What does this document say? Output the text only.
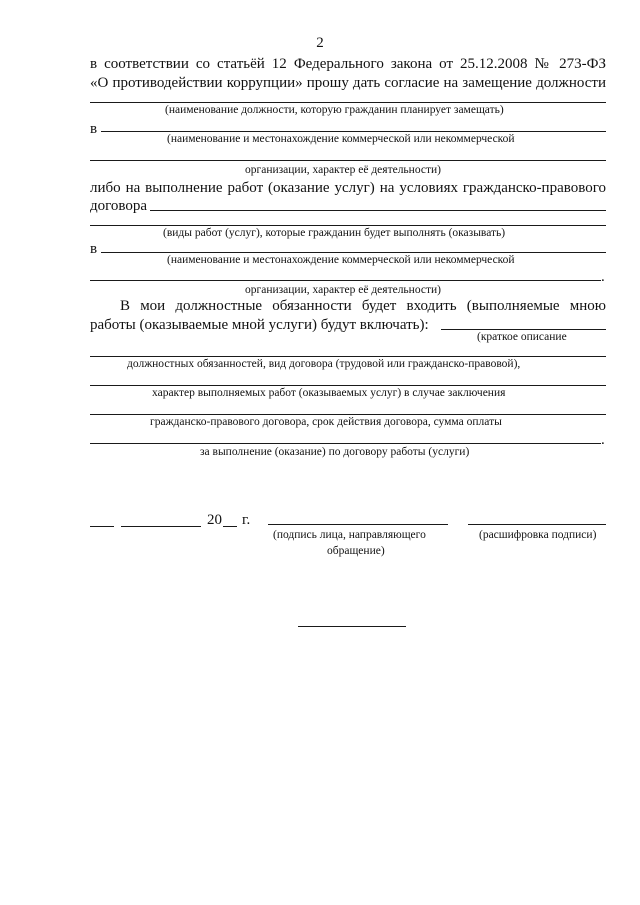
2
в соответствии со статьёй 12 Федерального закона от 25.12.2008 № 273-ФЗ
«О противодействии коррупции» прошу дать согласие на замещение должности
(наименование должности, которую гражданин планирует замещать)
в
(наименование и местонахождение коммерческой или некоммерческой
организации, характер её деятельности)
либо на выполнение работ (оказание услуг) на условиях гражданско-правового
договора
(виды работ (услуг), которые гражданин будет выполнять (оказывать)
в
(наименование и местонахождение коммерческой или некоммерческой
.
организации, характер её деятельности)
В мои должностные обязанности будет входить (выполняемые мною
работы (оказываемые мной услуги) будут включать):
(краткое описание
должностных обязанностей, вид договора (трудовой или гражданско-правовой),
характер выполняемых работ (оказываемых услуг) в случае заключения
гражданско-правового договора, срок действия договора, сумма оплаты
.
за выполнение (оказание) по договору работы (услуги)
20 г.
(подпись лица, направляющего
обращение)
(расшифровка подписи)
